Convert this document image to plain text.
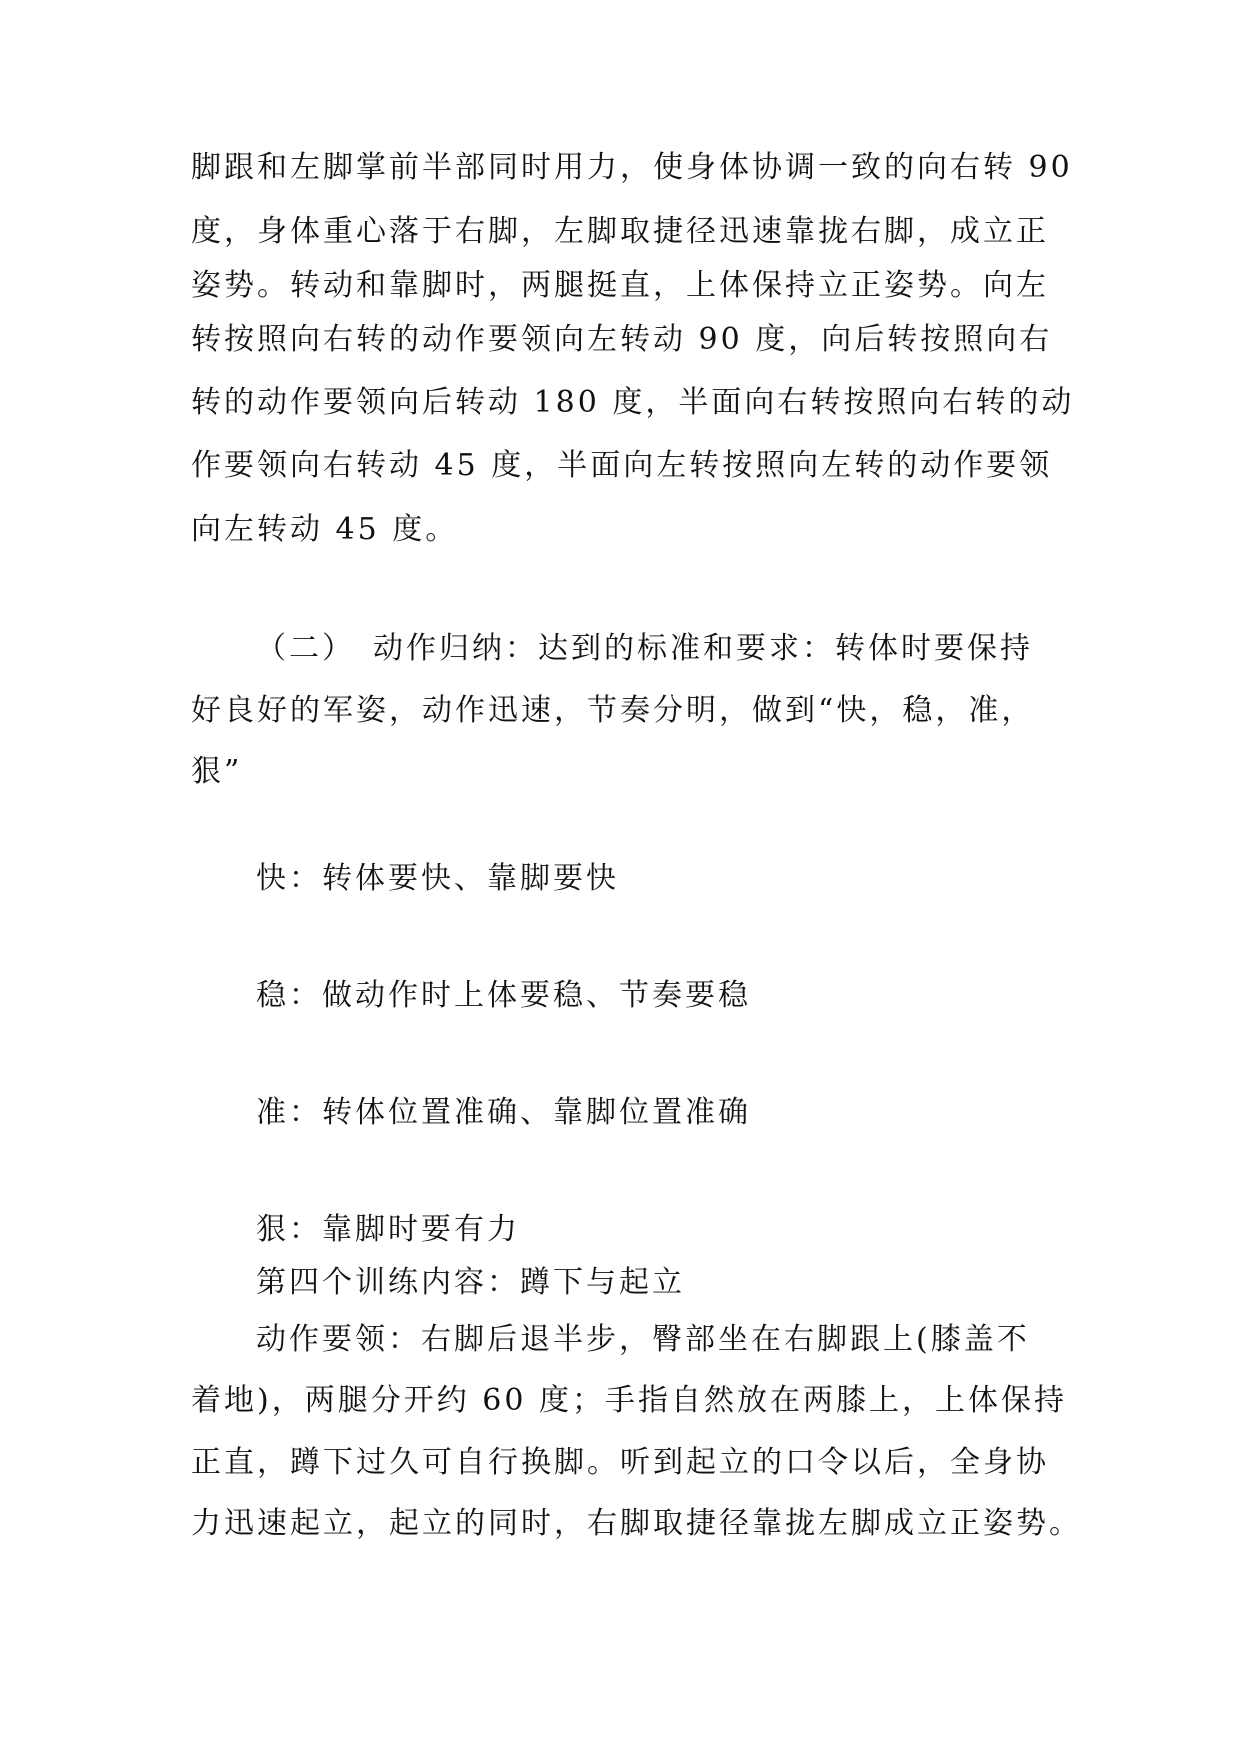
脚跟和左脚掌前半部同时用力，使身体协调一致的向右转 90
度，身体重心落于右脚，左脚取捷径迅速靠拢右脚，成立正
姿势。转动和靠脚时，两腿挺直，上体保持立正姿势。向左
转按照向右转的动作要领向左转动 90 度，向后转按照向右
转的动作要领向后转动 180 度，半面向右转按照向右转的动
作要领向右转动 45 度，半面向左转按照向左转的动作要领
向左转动 45 度。
（二）　动作归纳：达到的标准和要求：转体时要保持
好良好的军姿，动作迅速，节奏分明，做到“快，稳，准，
狠”
快：转体要快、靠脚要快
稳：做动作时上体要稳、节奏要稳
准：转体位置准确、靠脚位置准确
狠：靠脚时要有力
第四个训练内容：蹲下与起立
动作要领：右脚后退半步，臀部坐在右脚跟上(膝盖不
着地)，两腿分开约 60 度；手指自然放在两膝上，上体保持
正直，蹲下过久可自行换脚。听到起立的口令以后，全身协
力迅速起立，起立的同时，右脚取捷径靠拢左脚成立正姿势。
